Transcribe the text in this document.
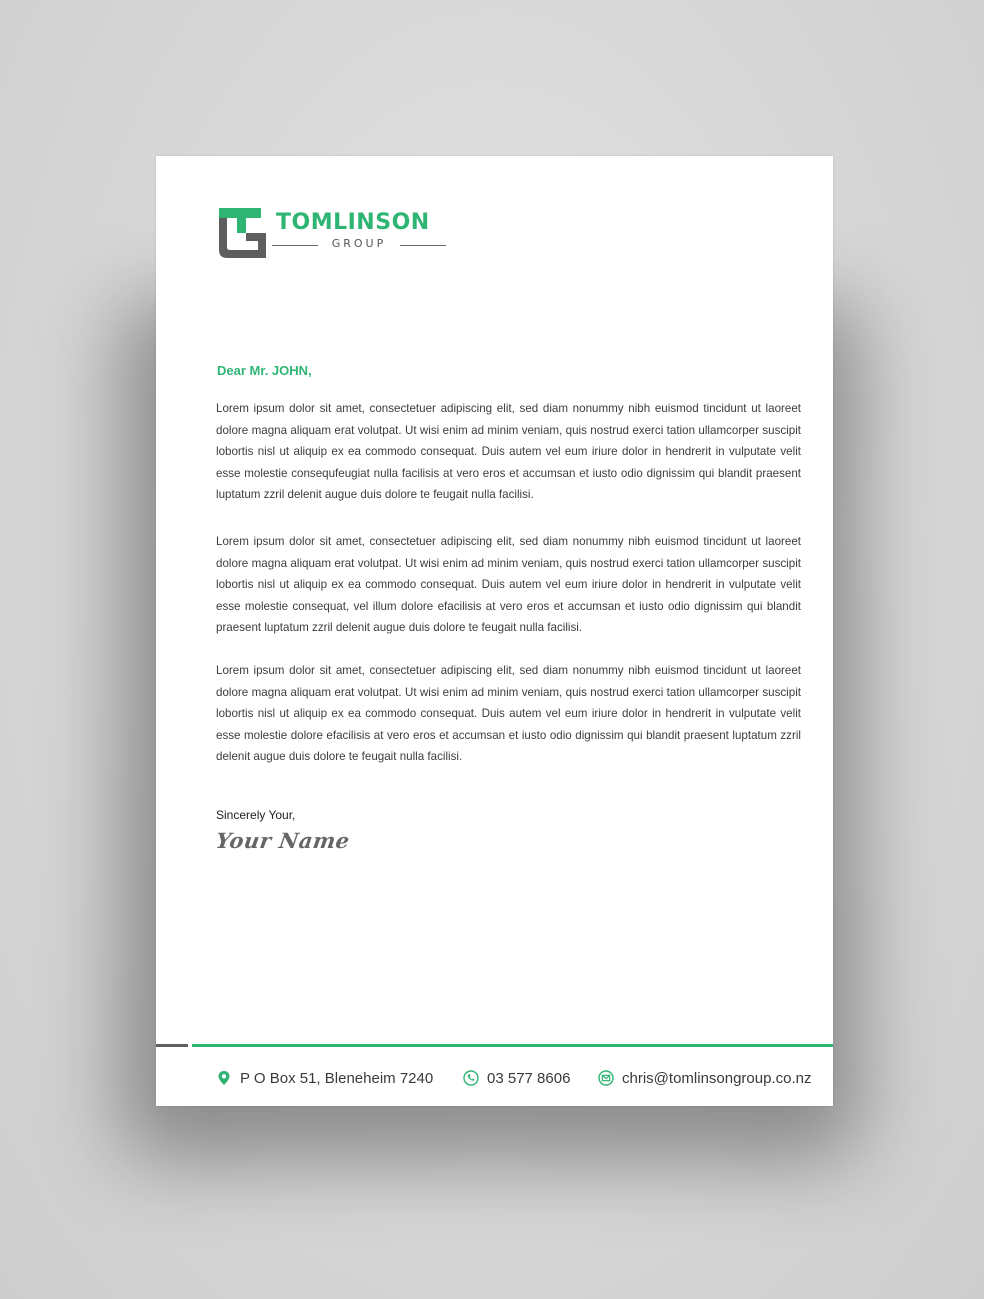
TOMLINSON
GROUP
Dear Mr. JOHN,

Lorem ipsum dolor sit amet, consectetuer adipiscing elit, sed diam nonummy nibh euismod tincidunt ut laoreet dolore magna aliquam erat volutpat. Ut wisi enim ad minim veniam, quis nostrud exerci tation ullamcorper suscipit lobortis nisl ut aliquip ex ea commodo consequat. Duis autem vel eum iriure dolor in hendrerit in vulputate velit esse molestie consequfeugiat nulla facilisis at vero eros et accumsan et iusto odio dignissim qui blandit praesent luptatum zzril delenit augue duis dolore te feugait nulla facilisi.

Lorem ipsum dolor sit amet, consectetuer adipiscing elit, sed diam nonummy nibh euismod tincidunt ut laoreet dolore magna aliquam erat volutpat. Ut wisi enim ad minim veniam, quis nostrud exerci tation ullamcorper suscipit lobortis nisl ut aliquip ex ea commodo consequat. Duis autem vel eum iriure dolor in hendrerit in vulputate velit esse molestie consequat, vel illum dolore efacilisis at vero eros et accumsan et iusto odio dignissim qui blandit praesent luptatum zzril delenit augue duis dolore te feugait nulla facilisi.

Lorem ipsum dolor sit amet, consectetuer adipiscing elit, sed diam nonummy nibh euismod tincidunt ut laoreet dolore magna aliquam erat volutpat. Ut wisi enim ad minim veniam, quis nostrud exerci tation ullamcorper suscipit lobortis nisl ut aliquip ex ea commodo consequat. Duis autem vel eum iriure dolor in hendrerit in vulputate velit esse molestie dolore efacilisis at vero eros et accumsan et iusto odio dignissim qui blandit praesent luptatum zzril delenit augue duis dolore te feugait nulla facilisi.

Sincerely Your,
Your Name
P O Box 51, Bleneheim 7240	03 577 8606	chris@tomlinsongroup.co.nz
